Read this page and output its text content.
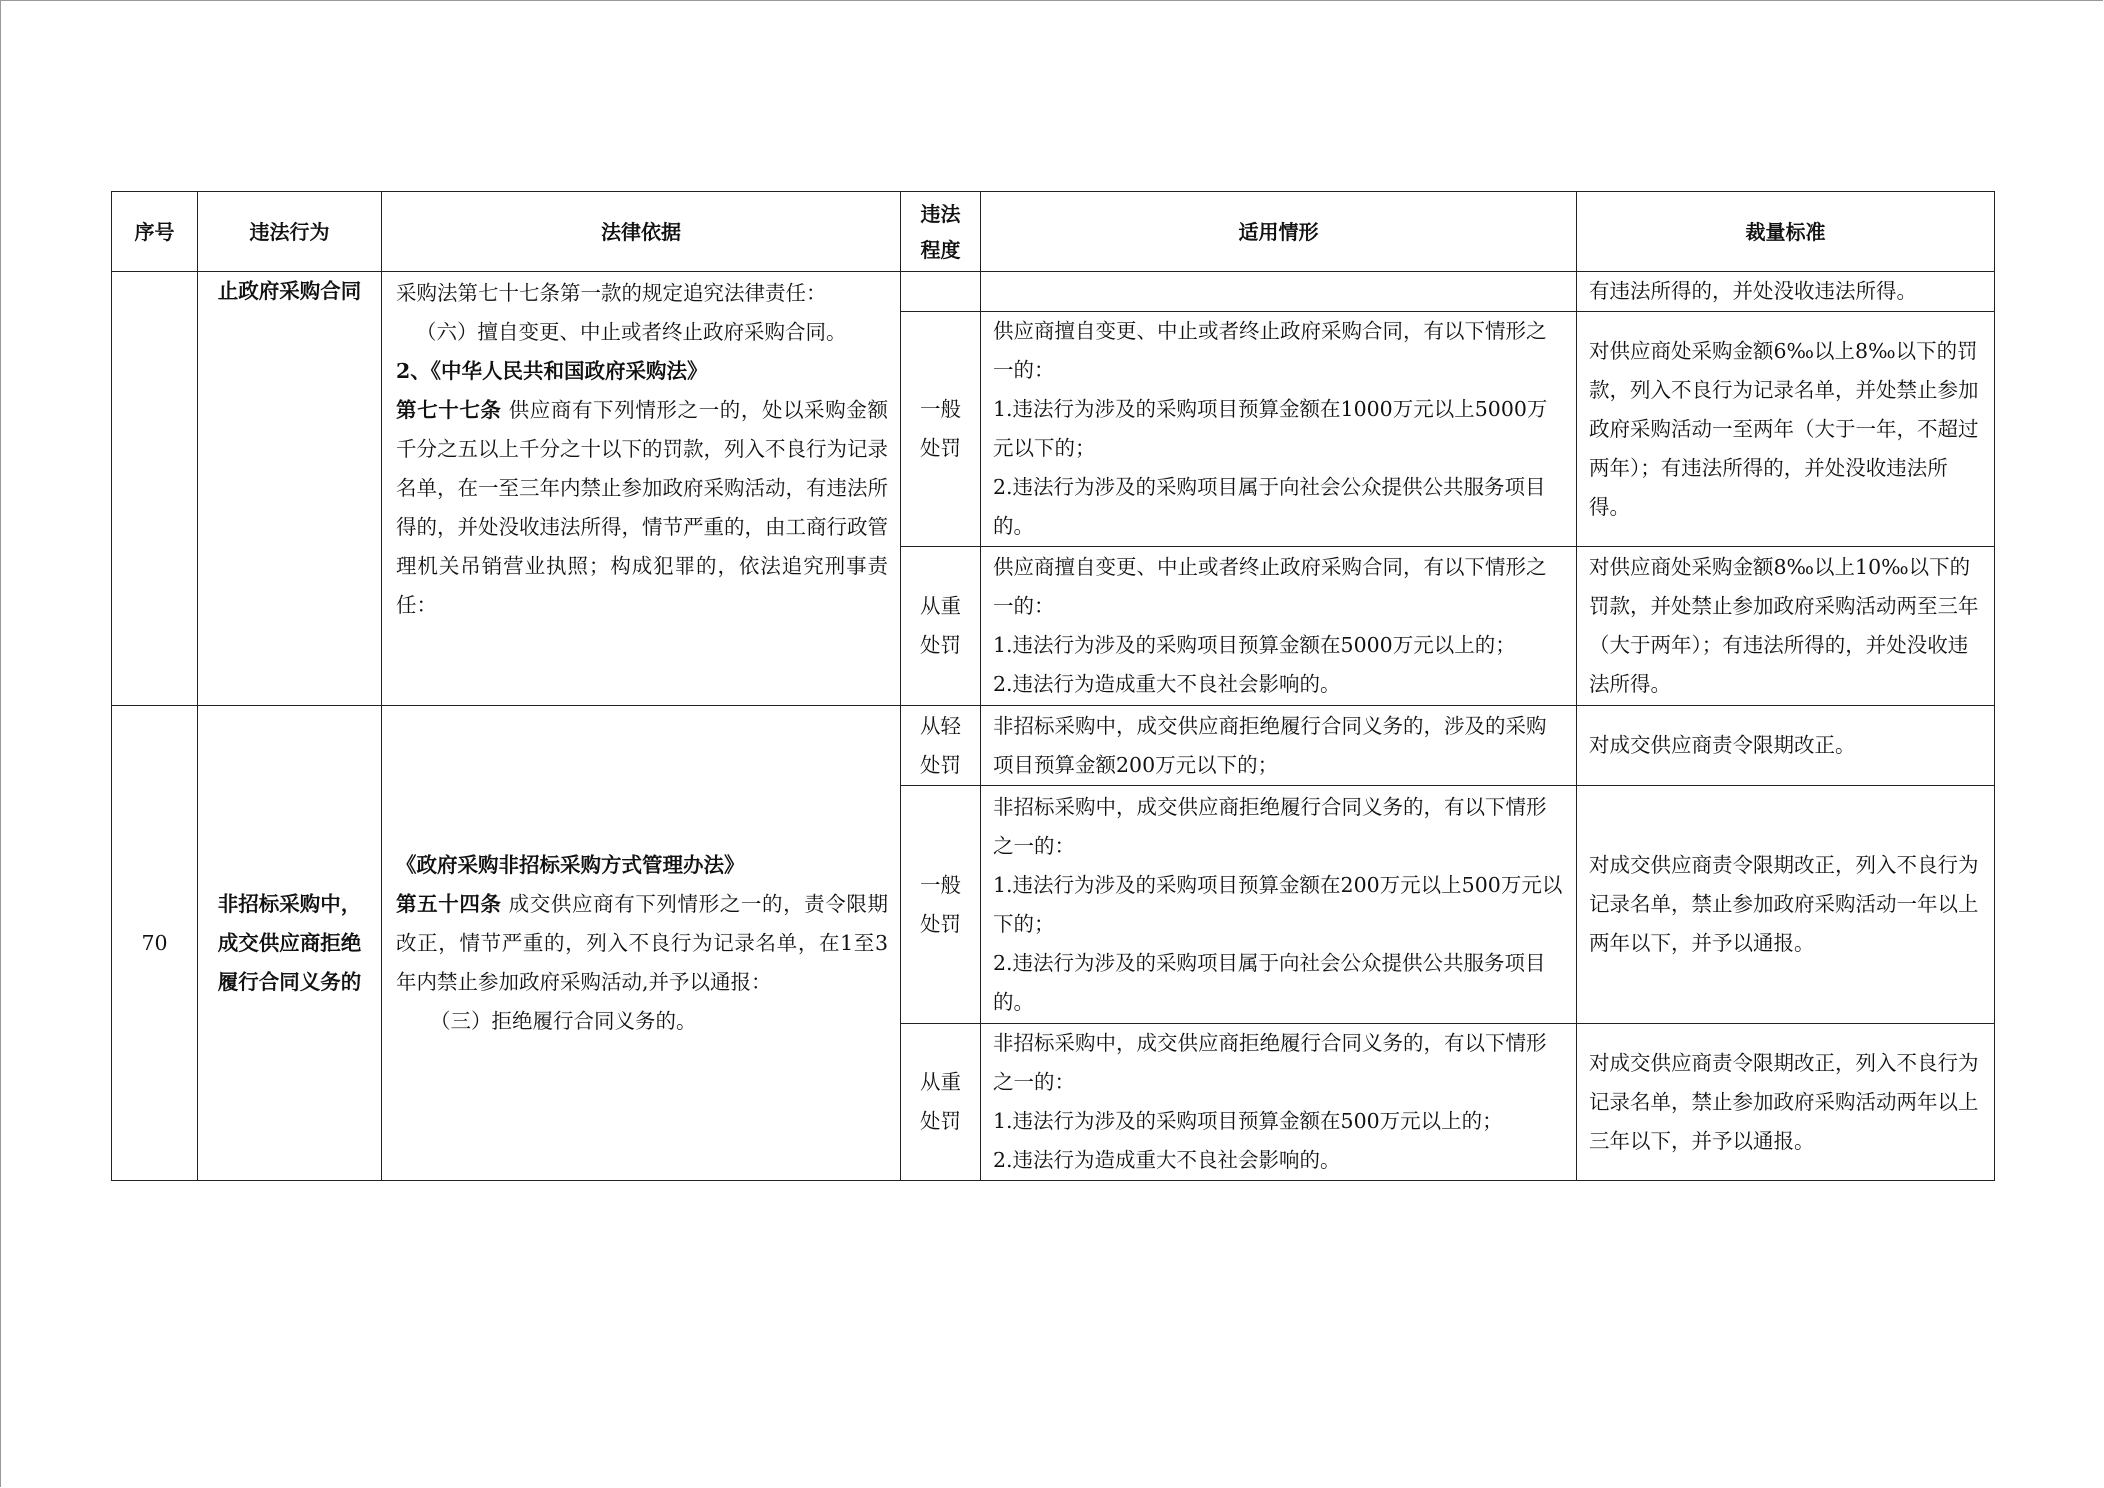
序号	违法行为	法律依据	违法程度	适用情形	裁量标准
	止政府采购合同	采购法第七十七条第一款的规定追究法律责任：
（六）擅自变更、中止或者终止政府采购合同。
2、《中华人民共和国政府采购法》
第七十七条 供应商有下列情形之一的，处以采购金额千分之五以上千分之十以下的罚款，列入不良行为记录名单，在一至三年内禁止参加政府采购活动，有违法所得的，并处没收违法所得，情节严重的，由工商行政管理机关吊销营业执照；构成犯罪的，依法追究刑事责任：			有违法所得的，并处没收违法所得。

			一般处罚	供应商擅自变更、中止或者终止政府采购合同，有以下情形之一的：
1.违法行为涉及的采购项目预算金额在1000万元以上5000万元以下的；
2.违法行为涉及的采购项目属于向社会公众提供公共服务项目的。	对供应商处采购金额6‰以上8‰以下的罚款，列入不良行为记录名单，并处禁止参加政府采购活动一至两年（大于一年，不超过两年）；有违法所得的，并处没收违法所得。

			从重处罚	供应商擅自变更、中止或者终止政府采购合同，有以下情形之一的：
1.违法行为涉及的采购项目预算金额在5000万元以上的；
2.违法行为造成重大不良社会影响的。	对供应商处采购金额8‰以上10‰以下的罚款，并处禁止参加政府采购活动两至三年（大于两年）；有违法所得的，并处没收违法所得。
70	非招标采购中，成交供应商拒绝履行合同义务的	《政府采购非招标采购方式管理办法》
第五十四条 成交供应商有下列情形之一的，责令限期改正，情节严重的，列入不良行为记录名单，在1至3年内禁止参加政府采购活动,并予以通报：
（三）拒绝履行合同义务的。	从轻处罚	非招标采购中，成交供应商拒绝履行合同义务的，涉及的采购项目预算金额200万元以下的；	对成交供应商责令限期改正。

			一般处罚	非招标采购中，成交供应商拒绝履行合同义务的，有以下情形之一的：
1.违法行为涉及的采购项目预算金额在200万元以上500万元以下的；
2.违法行为涉及的采购项目属于向社会公众提供公共服务项目的。	对成交供应商责令限期改正，列入不良行为记录名单，禁止参加政府采购活动一年以上两年以下，并予以通报。

			从重处罚	非招标采购中，成交供应商拒绝履行合同义务的，有以下情形之一的：
1.违法行为涉及的采购项目预算金额在500万元以上的；
2.违法行为造成重大不良社会影响的。	对成交供应商责令限期改正，列入不良行为记录名单，禁止参加政府采购活动两年以上三年以下，并予以通报。
